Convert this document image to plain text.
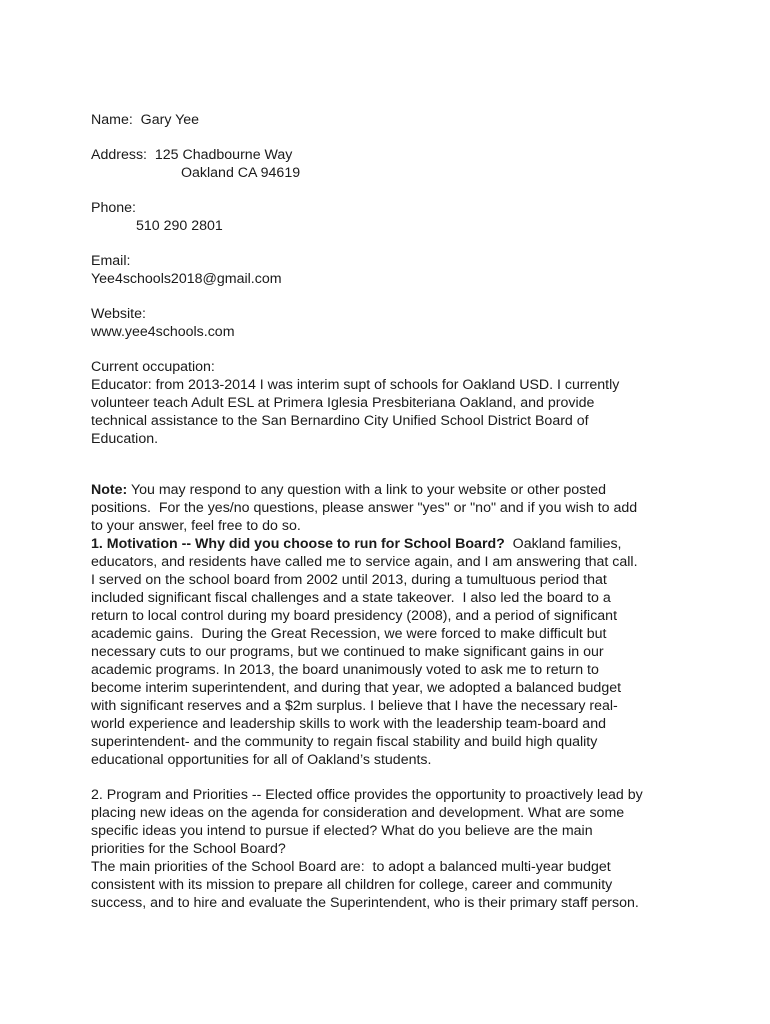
Name:  Gary Yee
Address:  125 Chadbourne Way
Oakland CA 94619
Phone:
510 290 2801
Email:
Yee4schools2018@gmail.com
Website:
www.yee4schools.com
Current occupation:
Educator: from 2013-2014 I was interim supt of schools for Oakland USD. I currently
volunteer teach Adult ESL at Primera Iglesia Presbiteriana Oakland, and provide
technical assistance to the San Bernardino City Unified School District Board of
Education.
Note: You may respond to any question with a link to your website or other posted
positions.  For the yes/no questions, please answer "yes" or "no" and if you wish to add
to your answer, feel free to do so.
1. Motivation -- Why did you choose to run for School Board?  Oakland families,
educators, and residents have called me to service again, and I am answering that call.
I served on the school board from 2002 until 2013, during a tumultuous period that
included significant fiscal challenges and a state takeover.  I also led the board to a
return to local control during my board presidency (2008), and a period of significant
academic gains.  During the Great Recession, we were forced to make difficult but
necessary cuts to our programs, but we continued to make significant gains in our
academic programs. In 2013, the board unanimously voted to ask me to return to
become interim superintendent, and during that year, we adopted a balanced budget
with significant reserves and a $2m surplus. I believe that I have the necessary real-
world experience and leadership skills to work with the leadership team-board and
superintendent- and the community to regain fiscal stability and build high quality
educational opportunities for all of Oakland’s students.
2. Program and Priorities -- Elected office provides the opportunity to proactively lead by
placing new ideas on the agenda for consideration and development. What are some
specific ideas you intend to pursue if elected? What do you believe are the main
priorities for the School Board?
The main priorities of the School Board are:  to adopt a balanced multi-year budget
consistent with its mission to prepare all children for college, career and community
success, and to hire and evaluate the Superintendent, who is their primary staff person.
